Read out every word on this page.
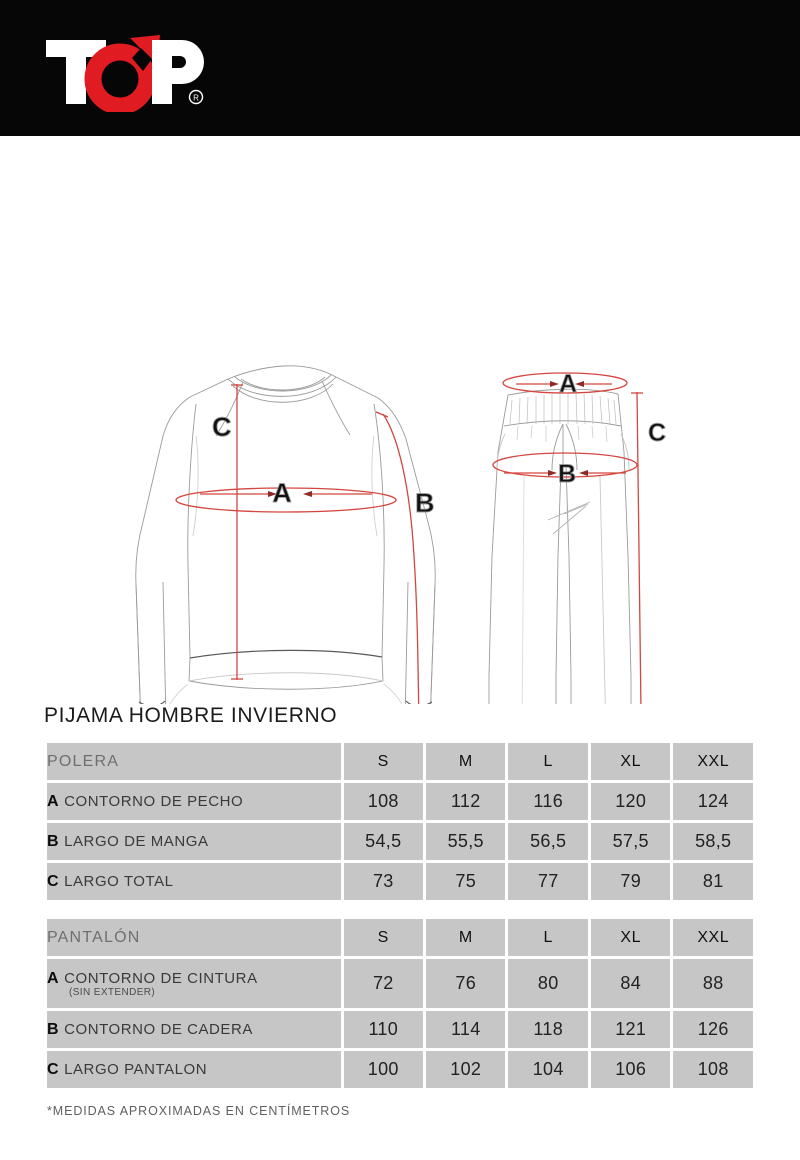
R
A	B
C
A
B
C
PIJAMA HOMBRE INVIERNO
POLERA	S	M	L	XL	XXL
A CONTORNO DE PECHO	108	112	116	120	124
B LARGO DE MANGA	54,5	55,5	56,5	57,5	58,5
C LARGO TOTAL	73	75	77	79	81
PANTALÓN	S	M	L	XL	XXL
A CONTORNO DE CINTURA
(SIN EXTENDER)	72	76	80	84	88
B CONTORNO DE CADERA	110	114	118	121	126
C LARGO PANTALON	100	102	104	106	108
*MEDIDAS APROXIMADAS EN CENTÍMETROS
